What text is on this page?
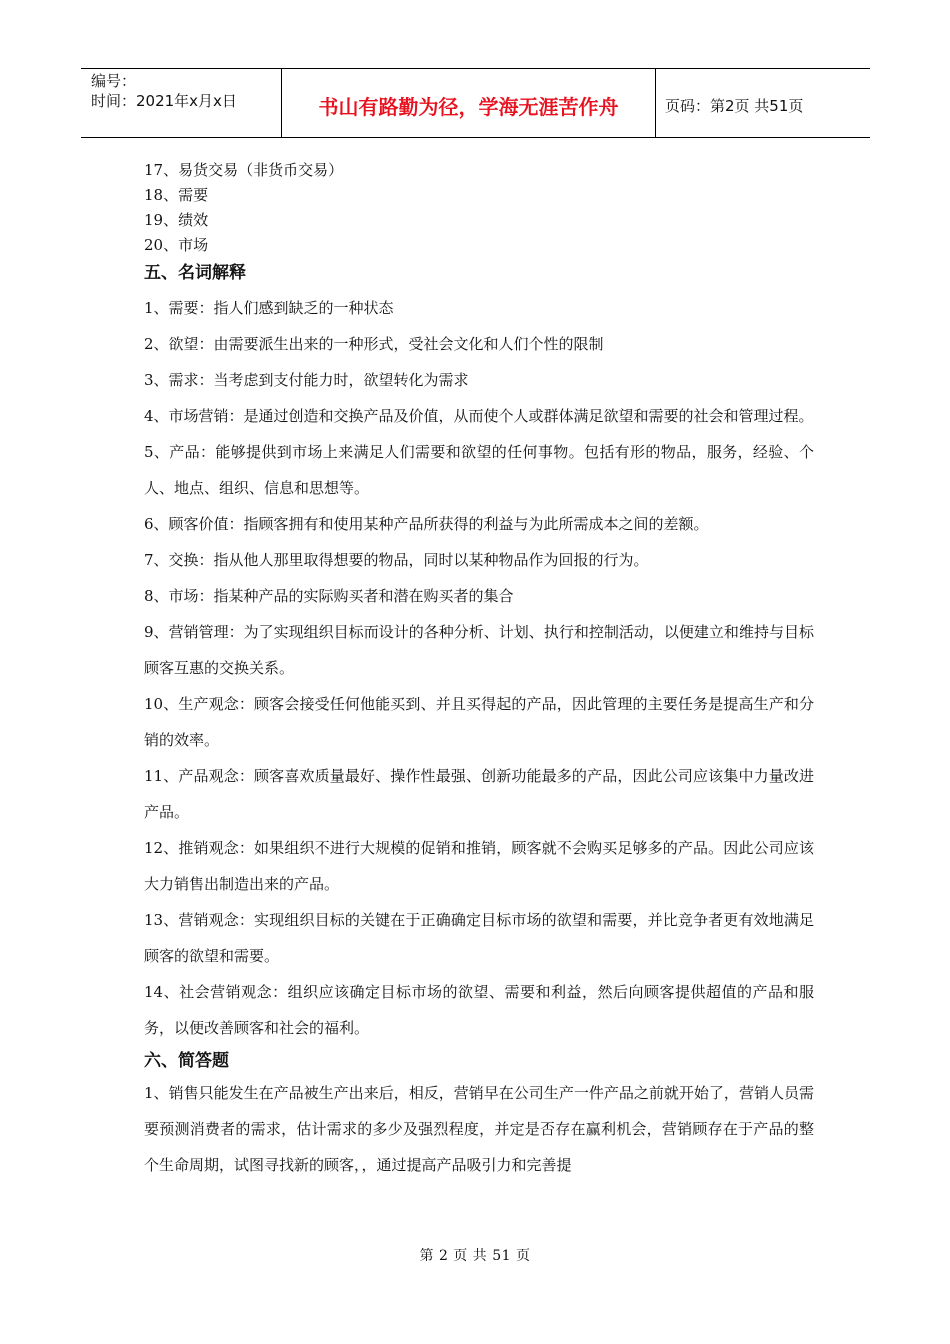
编号：
时间：2021年x月x日	书山有路勤为径，学海无涯苦作舟	页码：第2页 共51页
17、易货交易（非货币交易）
18、需要
19、绩效
20、市场
五、名词解释
1、需要：指人们感到缺乏的一种状态
2、欲望：由需要派生出来的一种形式，受社会文化和人们个性的限制
3、需求：当考虑到支付能力时，欲望转化为需求
4、市场营销：是通过创造和交换产品及价值，从而使个人或群体满足欲望和需要的社会和管理过程。
5、产品：能够提供到市场上来满足人们需要和欲望的任何事物。包括有形的物品，服务，经验、个人、地点、组织、信息和思想等。
6、顾客价值：指顾客拥有和使用某种产品所获得的利益与为此所需成本之间的差额。
7、交换：指从他人那里取得想要的物品，同时以某种物品作为回报的行为。
8、市场：指某种产品的实际购买者和潜在购买者的集合
9、营销管理：为了实现组织目标而设计的各种分析、计划、执行和控制活动，以便建立和维持与目标顾客互惠的交换关系。
10、生产观念：顾客会接受任何他能买到、并且买得起的产品，因此管理的主要任务是提高生产和分销的效率。
11、产品观念：顾客喜欢质量最好、操作性最强、创新功能最多的产品，因此公司应该集中力量改进产品。
12、推销观念：如果组织不进行大规模的促销和推销，顾客就不会购买足够多的产品。因此公司应该大力销售出制造出来的产品。
13、营销观念：实现组织目标的关键在于正确确定目标市场的欲望和需要，并比竞争者更有效地满足顾客的欲望和需要。
14、社会营销观念：组织应该确定目标市场的欲望、需要和利益，然后向顾客提供超值的产品和服务，以便改善顾客和社会的福利。
六、简答题
1、销售只能发生在产品被生产出来后，相反，营销早在公司生产一件产品之前就开始了，营销人员需要预测消费者的需求，估计需求的多少及强烈程度，并定是否存在赢利机会，营销顾存在于产品的整个生命周期，试图寻找新的顾客，，通过提高产品吸引力和完善提
第 2 页 共 51 页
